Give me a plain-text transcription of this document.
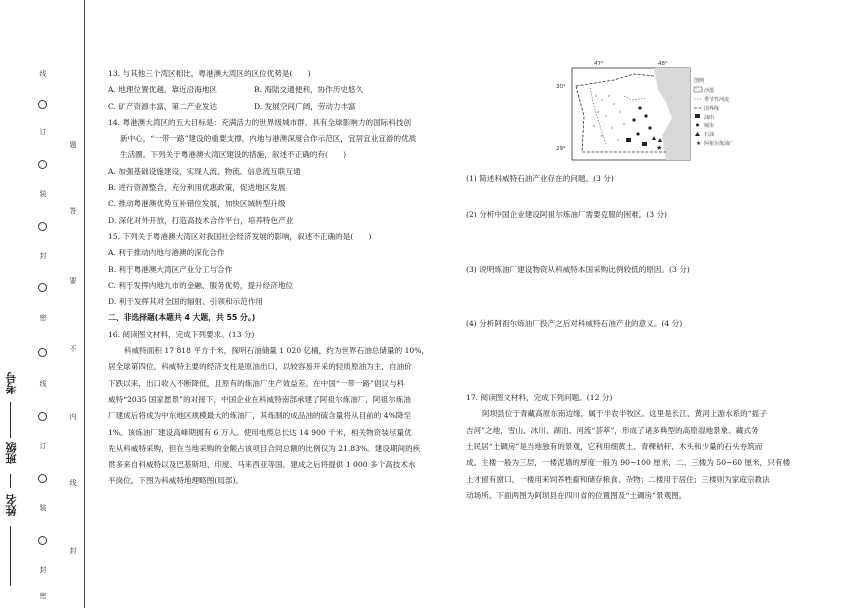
考号
班级
姓名
线
订
装
封
密
线
订
装
封
密
题
答
要
不
内
线
封
13. 与其他三个湾区相比，粤港澳大湾区的区位优势是(　　)
A. 地理位置优越，靠近沿海地区	B. 海陆交通便利，协作历史悠久
C. 矿产资源丰富，第二产业发达	D. 发展空间广阔，劳动力丰富
14. 粤港澳大湾区的五大目标是：充满活力的世界级城市群，具有全球影响力的国际科技创
新中心，“一带一路”建设的重要支撑，内地与港澳深度合作示范区，宜居宜业宜游的优质
生活圈。下列关于粤港澳大湾区建设的措施，叙述不正确的有(　　)
A. 加强基础设施建设，实现人流、物流、信息流互联互通
B. 进行资源整合，充分利用优惠政策，促进地区发展
C. 推动粤港澳优势互补错位发展，加快区域转型升级
D. 深化对外开放，打造高技术合作平台，培养特色产业
15. 下列关于粤港澳大湾区对我国社会经济发展的影响，叙述不正确的是(　　)
A. 利于推动内地与港澳的深化合作
B. 利于粤港澳大湾区产业分工与合作
C. 利于发挥内地九市的金融、服务优势，提升经济地位
D. 利于发挥其对全国的辐射、引领和示范作用
二、非选择题(本题共 4 大题，共 55 分。)
16. 阅读图文材料，完成下列要求。(13 分)
科威特面积 17 818 平方千米，探明石油储量 1 020 亿桶，约为世界石油总储量的 10%，
居全球第四位。科威特主要的经济支柱是原油出口，以较容易开采的轻质原油为主，自油价
下跌以来，出口收入不断降低，且原有的炼油厂生产效益差。在中国“一带一路”倡议与科
威特“2035 国家愿景”的对接下，中国企业在科威特南部承建了阿祖尔炼油厂，阿祖尔炼油
厂建成后将成为中东地区规模最大的炼油厂，其炼制的成品油的硫含量将从目前的 4%降至
1%。该炼油厂建设高峰期拥有 6 万人。使用电缆总长达 14 900 千米，相关物资装尽量优
先从科威特采购，但在当地采购的金额占该项目合同总额的比例仅为 21.83%。建设期间的疾
贯多来自科威特以及巴基斯坦、印度、马来西亚等国，建成之后将提供 1 000 多个高技术水
平岗位。下图为科威特地理略图(局部)。
47°	48°
30°
29°
图例
沙漠
季节性河流
国界线
油田
城市
石油
★ 阿祖尔炼油厂
★
(1) 简述科威特石油产业存在的问题。(3 分)
(2) 分析中国企业建设阿祖尔炼油厂需要克服的困难。(3 分)
(3) 说明炼油厂建设物资从科威特本国采购比例较低的原因。(3 分)
(4) 分析阿祖尔炼油厂投产之后对科威特石油产业的意义。(4 分)
17. 阅读图文材料，完成下列问题。(12 分)
阿坝县位于青藏高原东南边缘，属于半农半牧区。这里是长江、黄河上游水系的“摇子
吉河”之地，雪山、冰川、湖泊、河流“荟萃”，形成了诸多典型的高原湿地景象。藏式务
土民居“土碉房”是当地独有的景观，它利用细黄土、青稞秸秆、木头和少量的石头夯筑而
成。主楼一般为三层，一楼泥墙的厚度一般为 90~100 厘米，二、三楼为 50~60 厘米，只有楼
上才留有窗口。一楼用来饲养牲畜和储存粮食、杂物；二楼用于居住；三楼则为家庭宗教法
动场所。下面两图为阿坝县在四川省的位置图及“土碉房”景观图。
